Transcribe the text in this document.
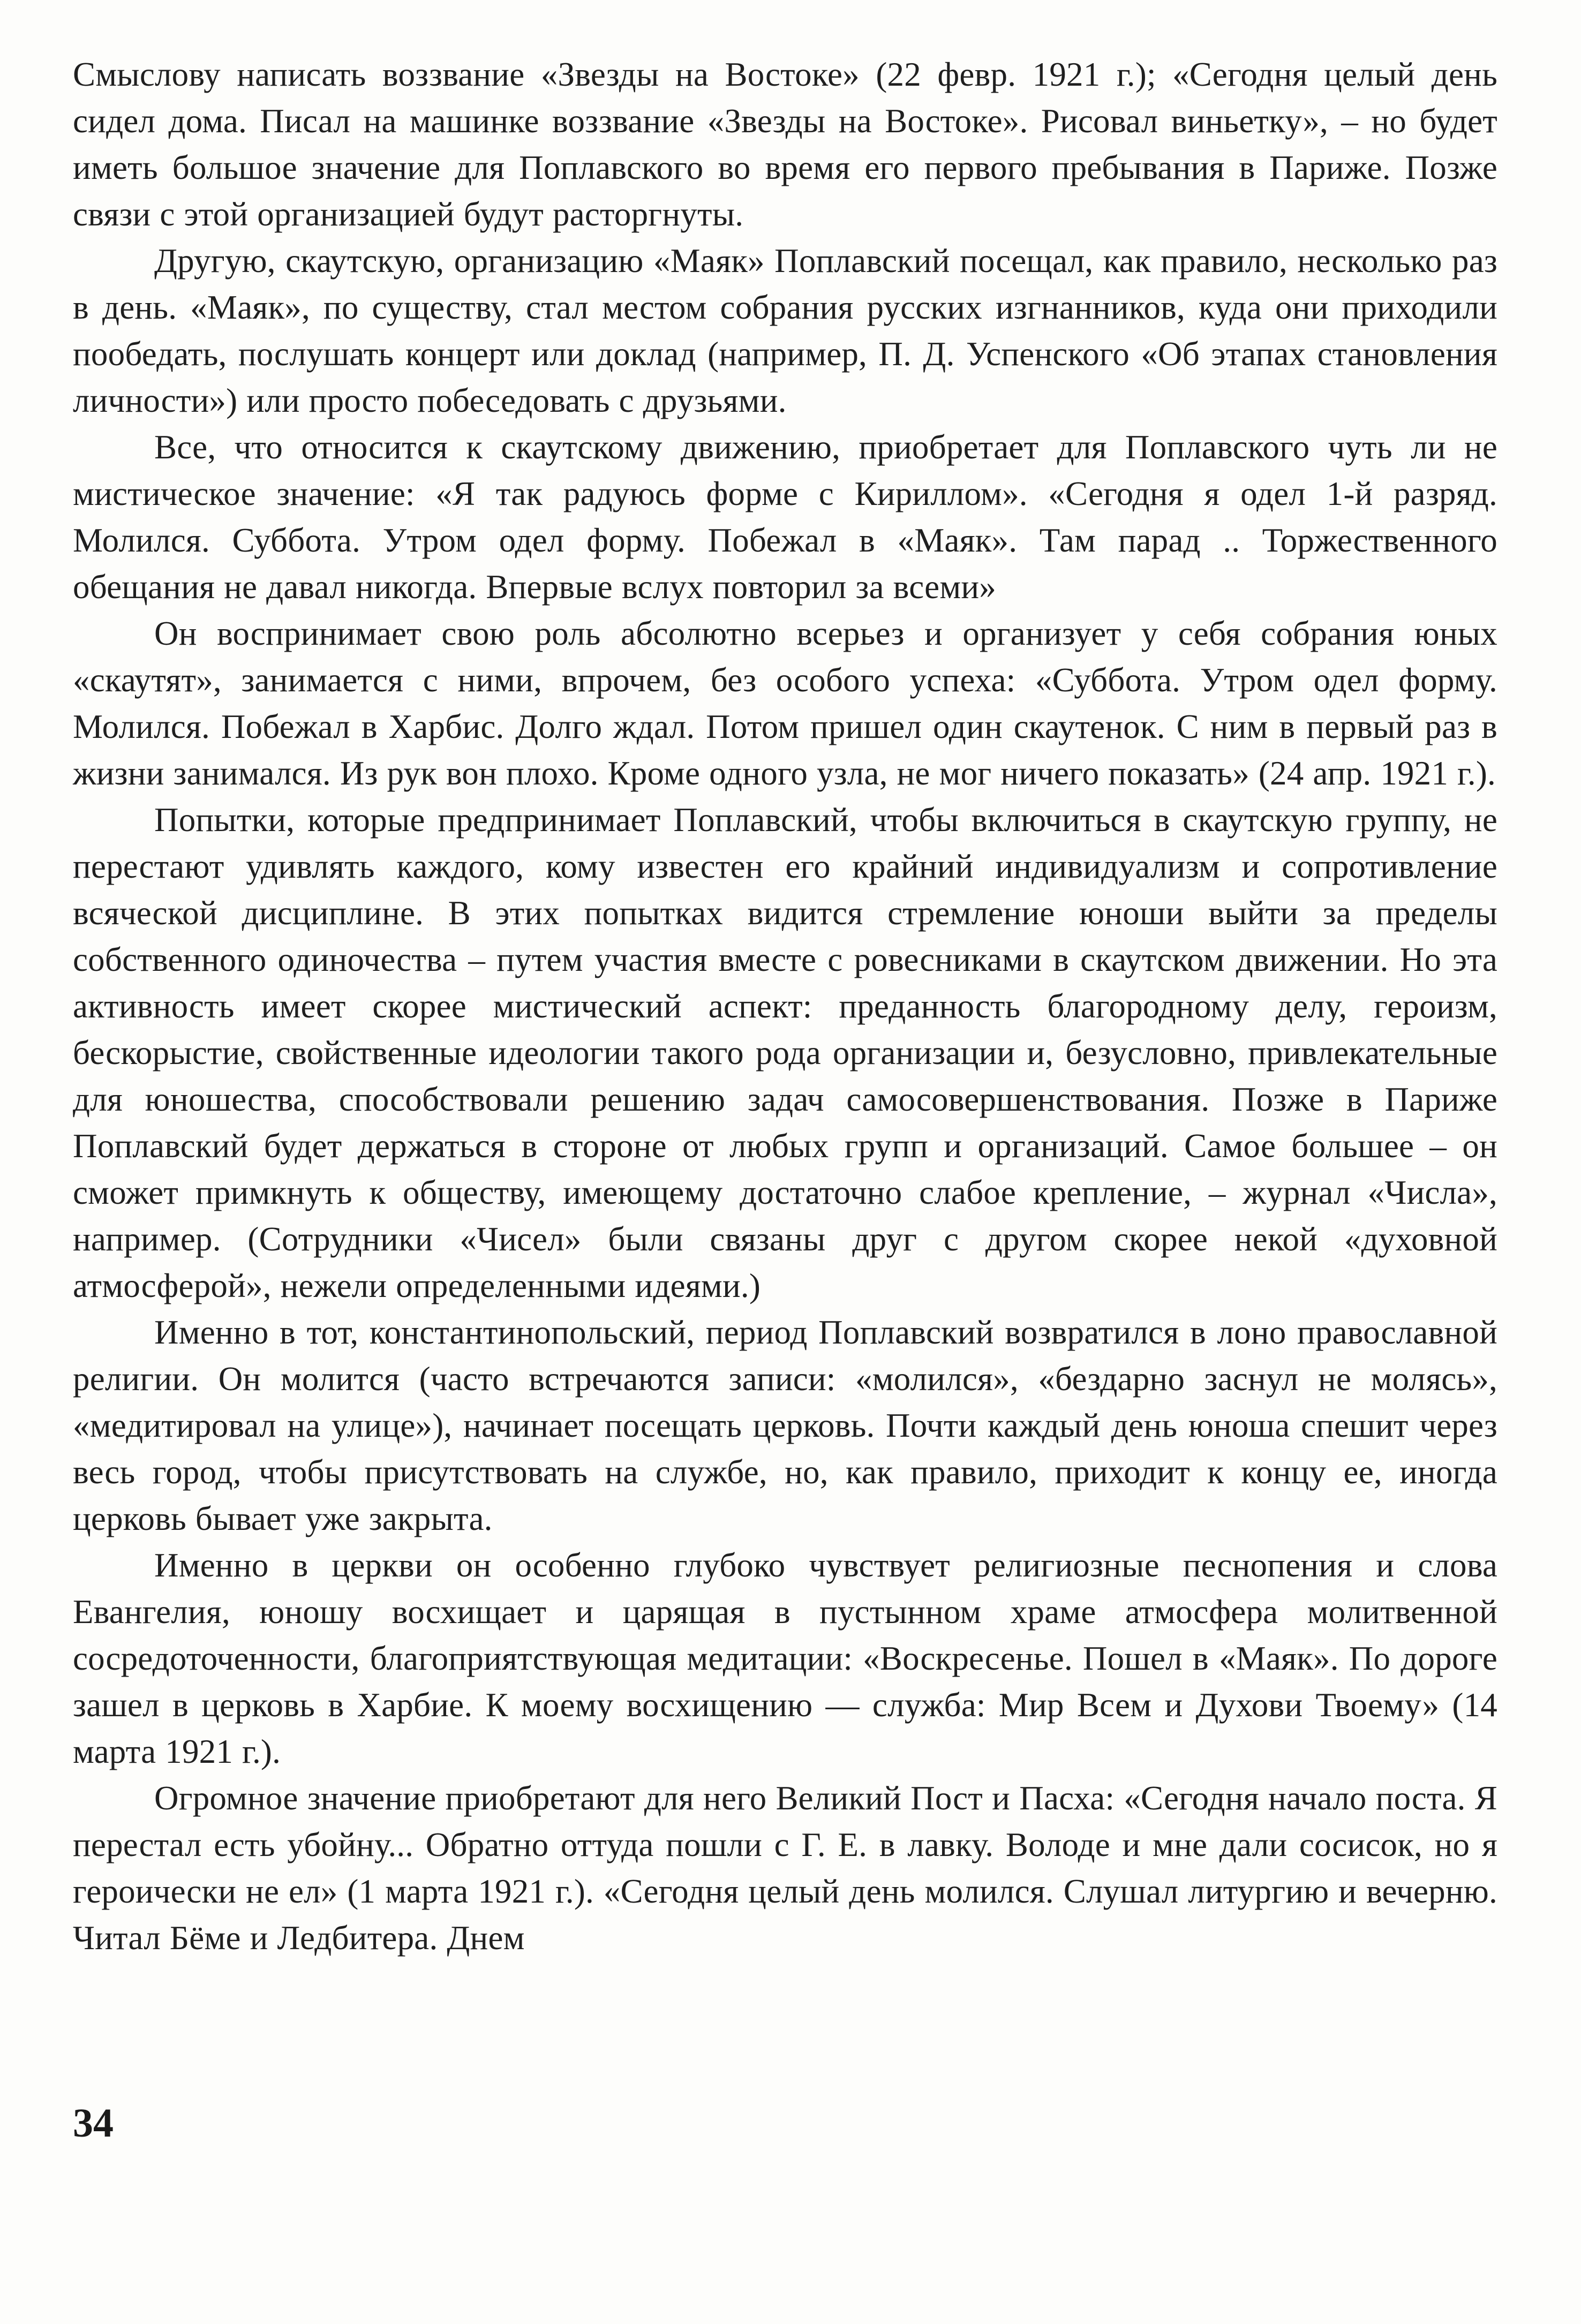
Смыслову написать воззвание «Звезды на Востоке» (22 февр. 1921 г.); «Сегодня целый день сидел дома. Писал на машинке воззвание «Звезды на Востоке». Рисовал виньетку», – но будет иметь большое значение для Поплавского во время его первого пребывания в Париже. Позже связи с этой организацией будут расторгнуты.

Другую, скаутскую, организацию «Маяк» Поплавский посещал, как правило, несколько раз в день. «Маяк», по существу, стал местом собрания русских изгнанников, куда они приходили пообедать, послушать концерт или доклад (например, П. Д. Успенского «Об этапах становления личности») или просто побеседовать с друзьями.

Все, что относится к скаутскому движению, приобретает для Поплавского чуть ли не мистическое значение: «Я так радуюсь форме с Кириллом». «Сегодня я одел 1-й разряд. Молился. Суббота. Утром одел форму. Побежал в «Маяк». Там парад .. Торжественного обещания не давал никогда. Впервые вслух повторил за всеми»

Он воспринимает свою роль абсолютно всерьез и организует у себя собрания юных «скаутят», занимается с ними, впрочем, без особого успеха: «Суббота. Утром одел форму. Молился. Побежал в Харбис. Долго ждал. Потом пришел один скаутенок. С ним в первый раз в жизни занимался. Из рук вон плохо. Кроме одного узла, не мог ничего показать» (24 апр. 1921 г.).

Попытки, которые предпринимает Поплавский, чтобы включиться в скаутскую группу, не перестают удивлять каждого, кому известен его крайний индивидуализм и сопротивление всяческой дисциплине. В этих попытках видится стремление юноши выйти за пределы собственного одиночества – путем участия вместе с ровесниками в скаутском движении. Но эта активность имеет скорее мистический аспект: преданность благородному делу, героизм, бескорыстие, свойственные идеологии такого рода организации и, безусловно, привлекательные для юношества, способствовали решению задач самосовершенствования. Позже в Париже Поплавский будет держаться в стороне от любых групп и организаций. Самое большее – он сможет примкнуть к обществу, имеющему достаточно слабое крепление, – журнал «Числа», например. (Сотрудники «Чисел» были связаны друг с другом скорее некой «духовной атмосферой», нежели определенными идеями.)

Именно в тот, константинопольский, период Поплавский возвратился в лоно православной религии. Он молится (часто встречаются записи: «молился», «бездарно заснул не молясь», «медитировал на улице»), начинает посещать церковь. Почти каждый день юноша спешит через весь город, чтобы присутствовать на службе, но, как правило, приходит к концу ее, иногда церковь бывает уже закрыта.

Именно в церкви он особенно глубоко чувствует религиозные песнопения и слова Евангелия, юношу восхищает и царящая в пустынном храме атмосфера молитвенной сосредоточенности, благоприятствующая медитации: «Воскресенье. Пошел в «Маяк». По дороге зашел в церковь в Харбие. К моему восхищению — служба: Мир Всем и Духови Твоему» (14 марта 1921 г.).

Огромное значение приобретают для него Великий Пост и Пасха: «Сегодня начало поста. Я перестал есть убойну... Обратно оттуда пошли с Г. Е. в лавку. Володе и мне дали сосисок, но я героически не ел» (1 марта 1921 г.). «Сегодня целый день молился. Слушал литургию и вечерню. Читал Бёме и Ледбитера. Днем

34
